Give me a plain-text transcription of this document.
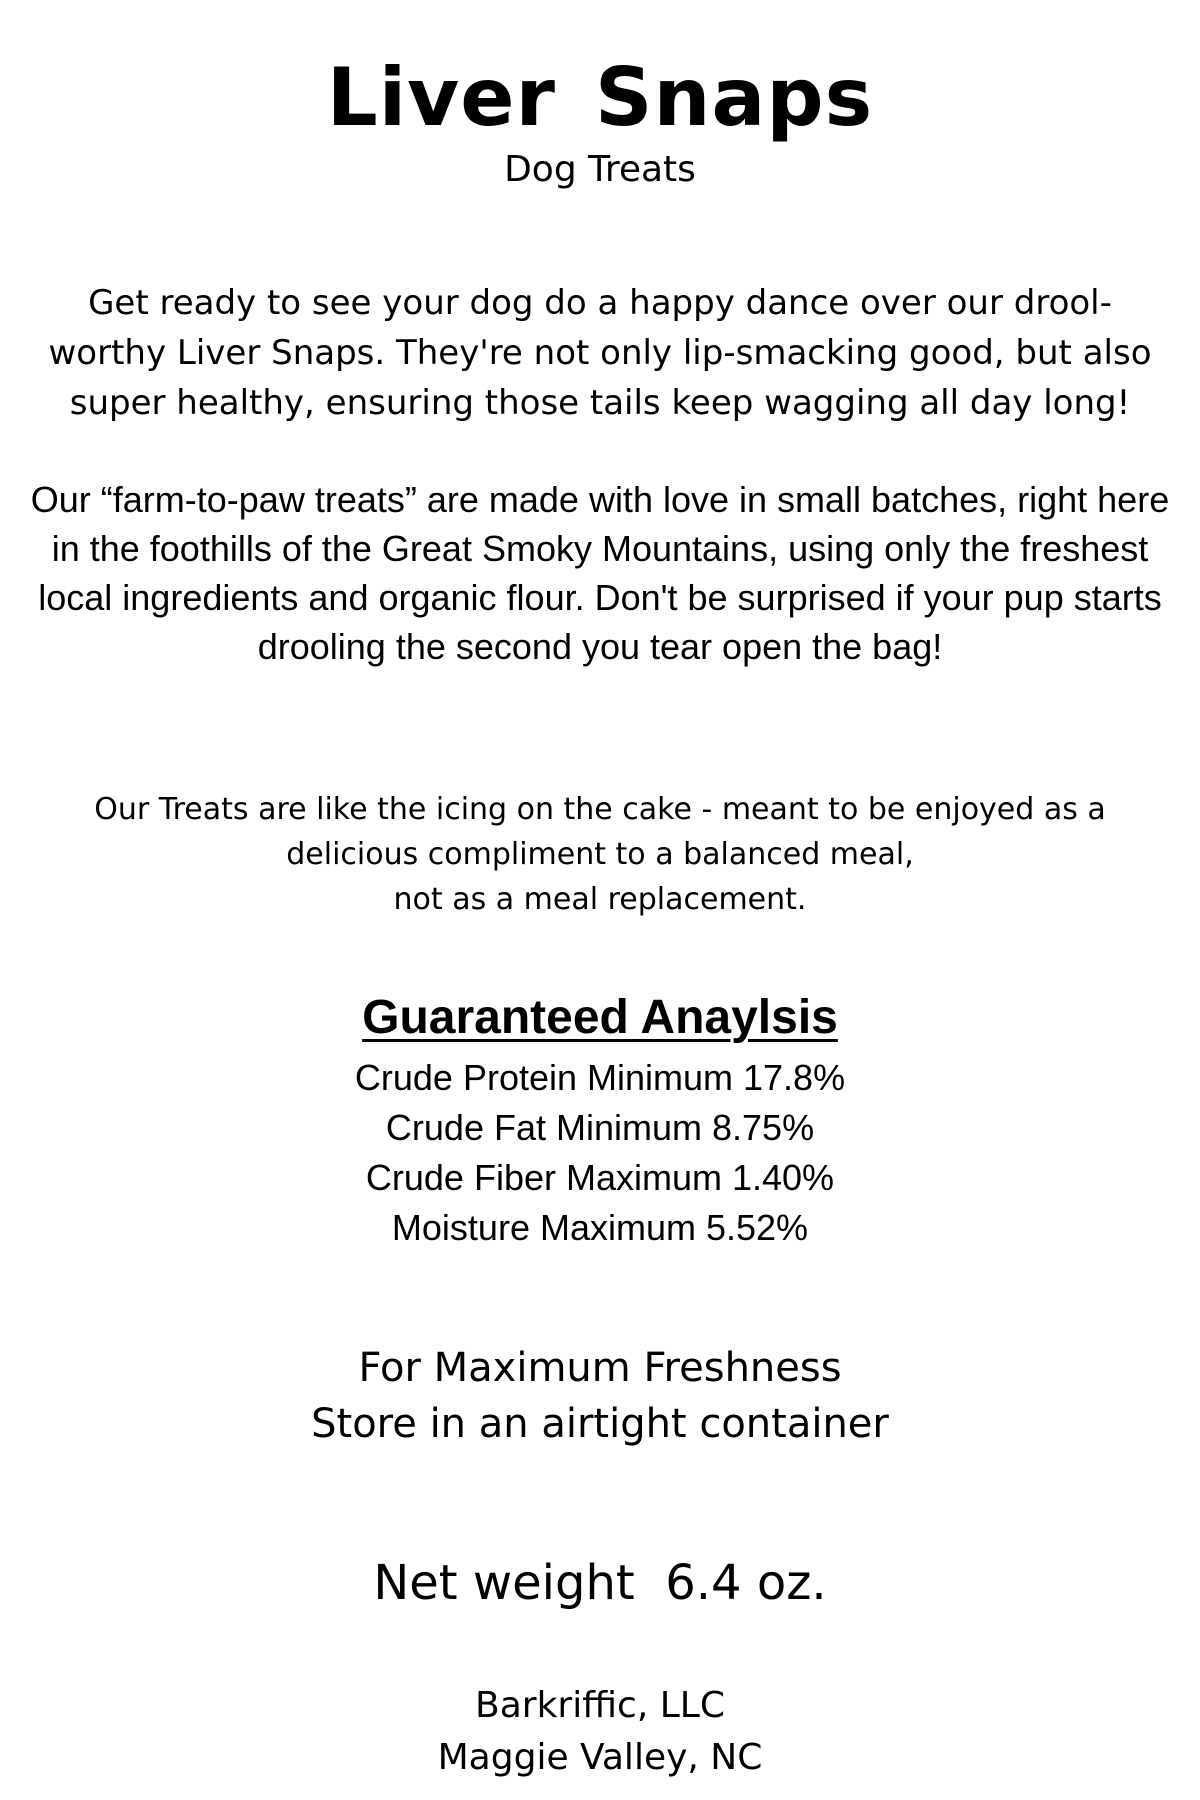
Liver Snaps
Dog Treats

Get ready to see your dog do a happy dance over our drool-worthy Liver Snaps. They're not only lip-smacking good, but also super healthy, ensuring those tails keep wagging all day long!

Our “farm-to-paw treats” are made with love in small batches, right here in the foothills of the Great Smoky Mountains, using only the freshest local ingredients and organic flour. Don't be surprised if your pup starts drooling the second you tear open the bag!

Our Treats are like the icing on the cake - meant to be enjoyed as a
delicious compliment to a balanced meal,
not as a meal replacement.
Guaranteed Anaylsis
Crude Protein Minimum 17.8%
Crude Fat Minimum 8.75%
Crude Fiber Maximum 1.40%
Moisture Maximum 5.52%
For Maximum Freshness
Store in an airtight container
Net weight  6.4 oz.
Barkriffic, LLC
Maggie Valley, NC
